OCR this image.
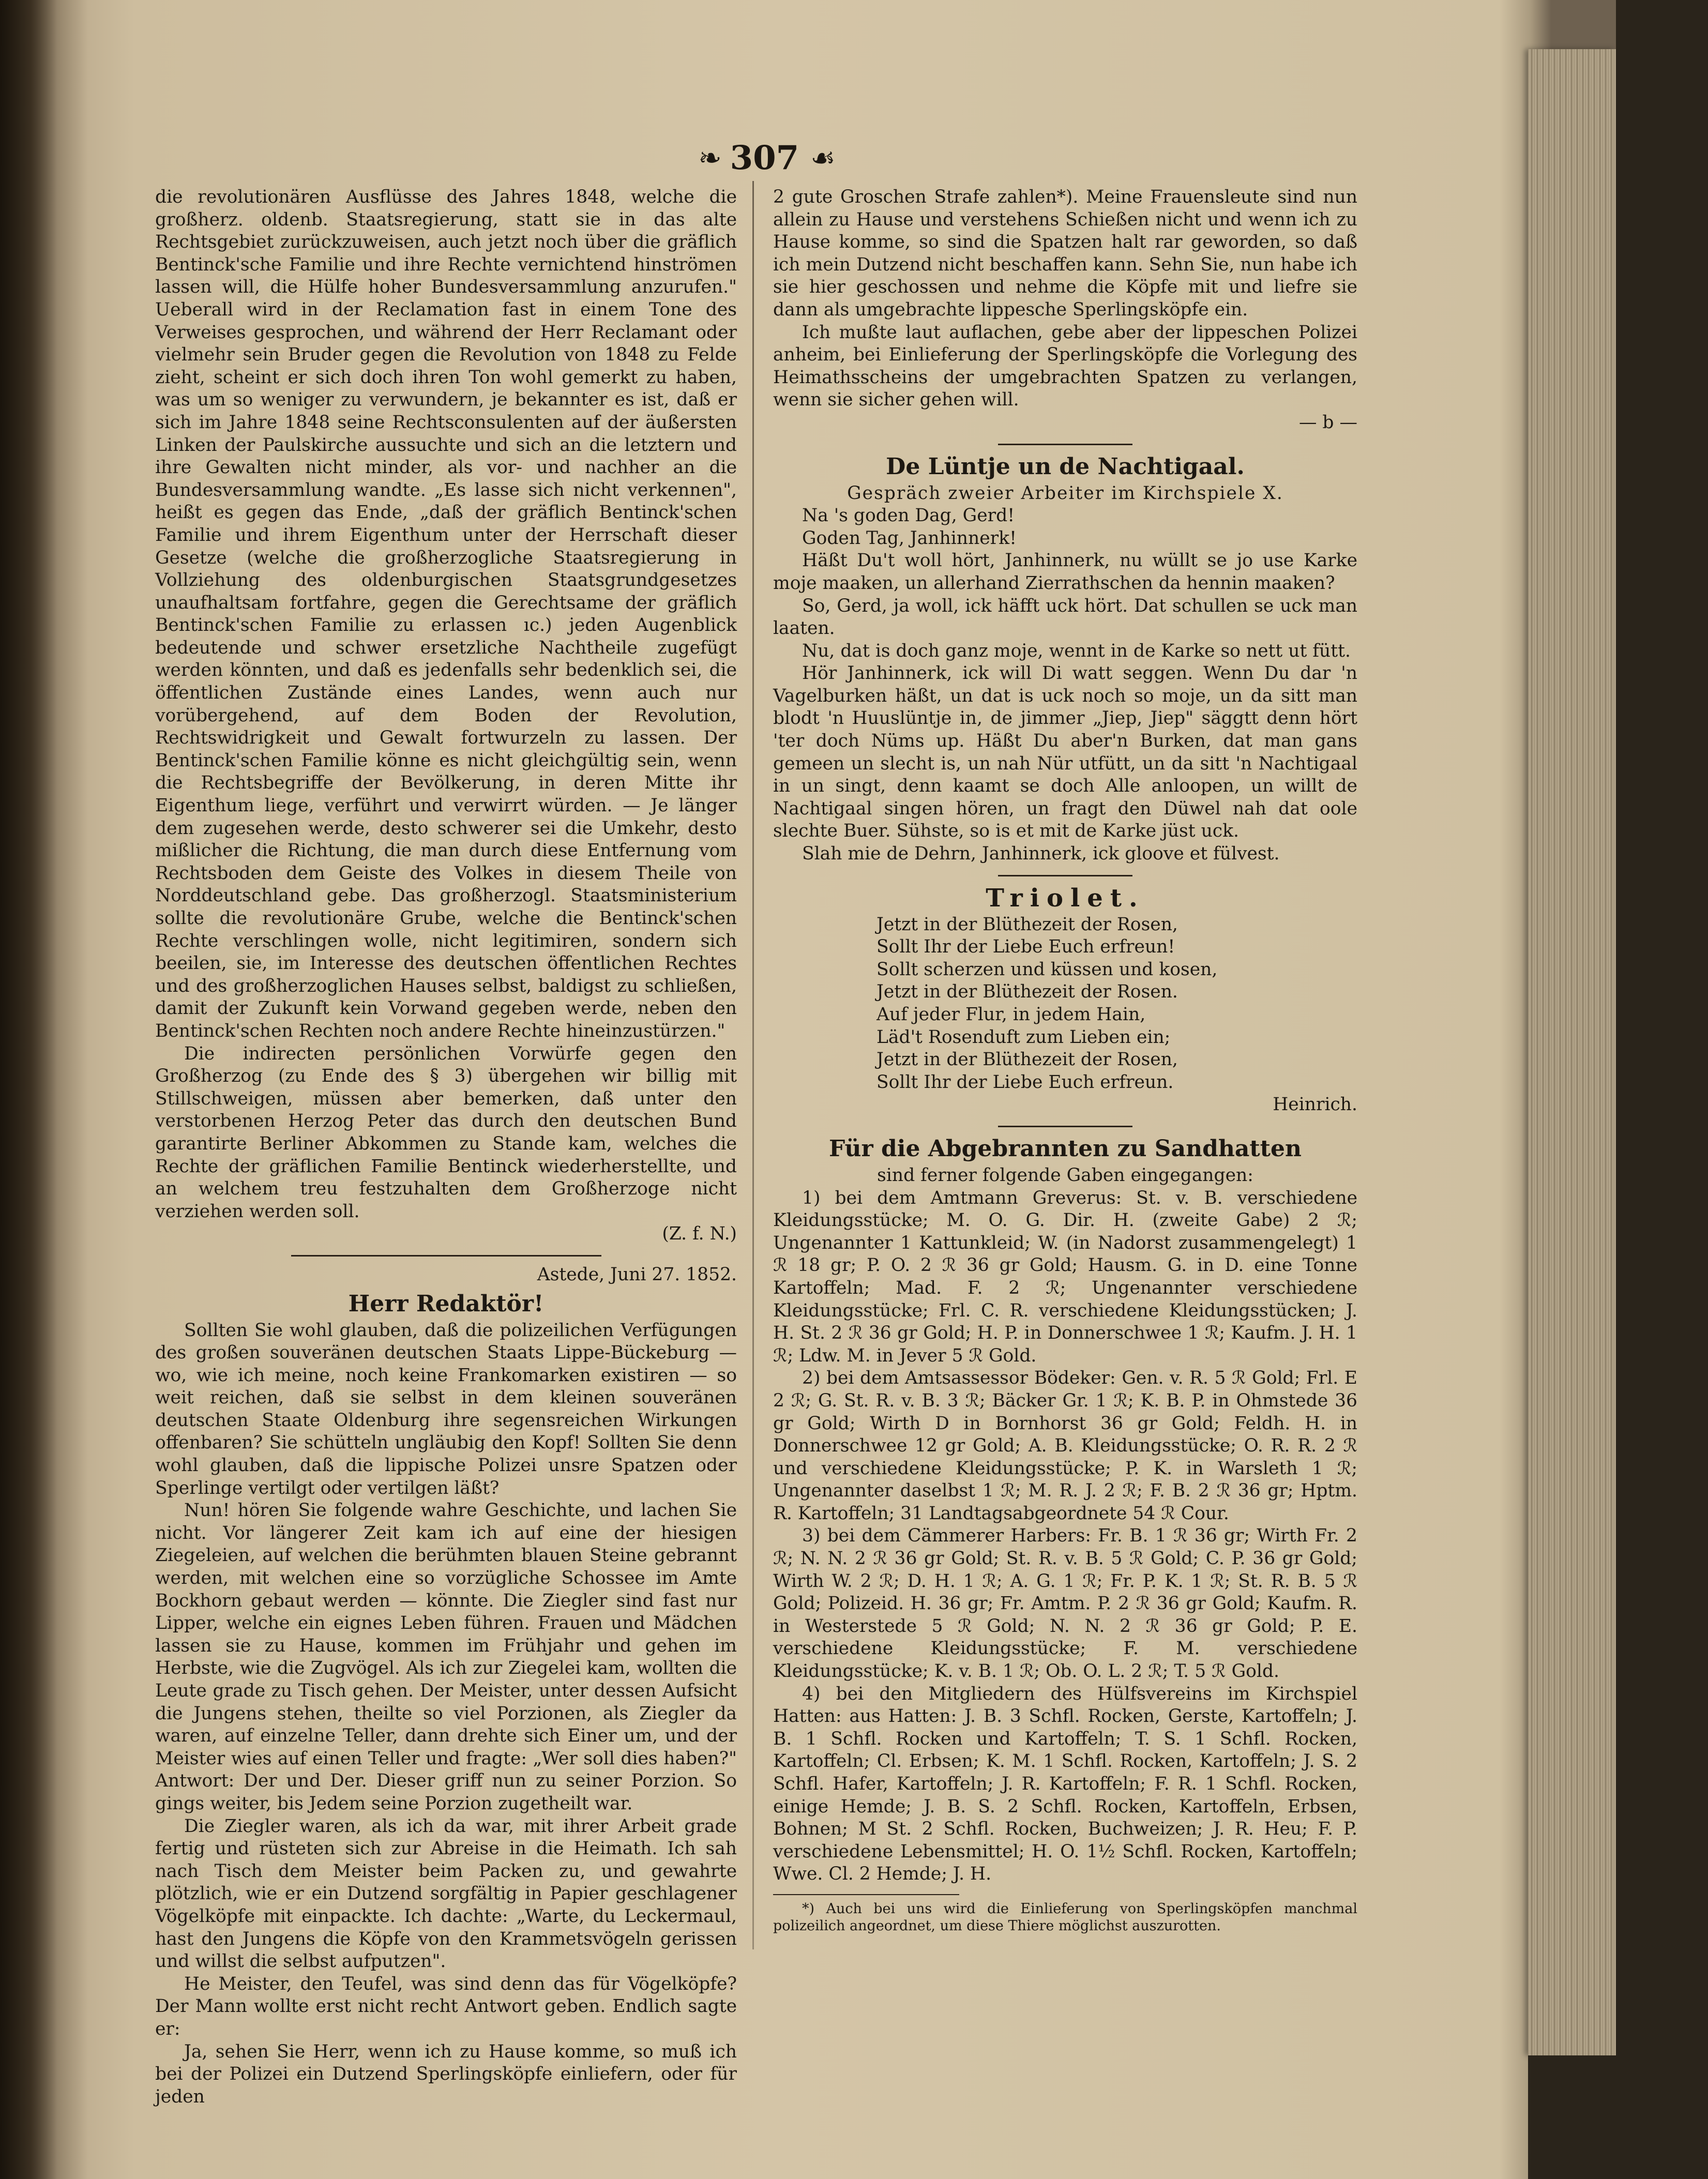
❧ 307 ☙

die revolutionären Ausflüsse des Jahres 1848, welche die großherz. oldenb. Staatsregierung, statt sie in das alte Rechtsgebiet zurückzuweisen, auch jetzt noch über die gräflich Bentinck'sche Familie und ihre Rechte vernichtend hinströmen lassen will, die Hülfe hoher Bundesversammlung anzurufen." Ueberall wird in der Reclamation fast in einem Tone des Verweises gesprochen, und während der Herr Reclamant oder vielmehr sein Bruder gegen die Revolution von 1848 zu Felde zieht, scheint er sich doch ihren Ton wohl gemerkt zu haben, was um so weniger zu verwundern, je bekannter es ist, daß er sich im Jahre 1848 seine Rechtsconsulenten auf der äußersten Linken der Paulskirche aussuchte und sich an die letztern und ihre Gewalten nicht minder, als vor- und nachher an die Bundesversammlung wandte. „Es lasse sich nicht verkennen", heißt es gegen das Ende, „daß der gräflich Bentinck'schen Familie und ihrem Eigenthum unter der Herrschaft dieser Gesetze (welche die großherzogliche Staatsregierung in Vollziehung des oldenburgischen Staatsgrundgesetzes unaufhaltsam fortfahre, gegen die Gerechtsame der gräflich Bentinck'schen Familie zu erlassen ıc.) jeden Augenblick bedeutende und schwer ersetzliche Nachtheile zugefügt werden könnten, und daß es jedenfalls sehr bedenklich sei, die öffentlichen Zustände eines Landes, wenn auch nur vorübergehend, auf dem Boden der Revolution, Rechtswidrigkeit und Gewalt fortwurzeln zu lassen. Der Bentinck'schen Familie könne es nicht gleichgültig sein, wenn die Rechtsbegriffe der Bevölkerung, in deren Mitte ihr Eigenthum liege, verführt und verwirrt würden. — Je länger dem zugesehen werde, desto schwerer sei die Umkehr, desto mißlicher die Richtung, die man durch diese Entfernung vom Rechtsboden dem Geiste des Volkes in diesem Theile von Norddeutschland gebe. Das großherzogl. Staatsministerium sollte die revolutionäre Grube, welche die Bentinck'schen Rechte verschlingen wolle, nicht legitimiren, sondern sich beeilen, sie, im Interesse des deutschen öffentlichen Rechtes und des großherzoglichen Hauses selbst, baldigst zu schließen, damit der Zukunft kein Vorwand gegeben werde, neben den Bentinck'schen Rechten noch andere Rechte hineinzustürzen."

Die indirecten persönlichen Vorwürfe gegen den Großherzog (zu Ende des § 3) übergehen wir billig mit Stillschweigen, müssen aber bemerken, daß unter den verstorbenen Herzog Peter das durch den deutschen Bund garantirte Berliner Abkommen zu Stande kam, welches die Rechte der gräflichen Familie Bentinck wiederherstellte, und an welchem treu festzuhalten dem Großherzoge nicht verziehen werden soll.

(Z. f. N.)

Astede, Juni 27. 1852.

Herr Redaktör!

Sollten Sie wohl glauben, daß die polizeilichen Verfügungen des großen souveränen deutschen Staats Lippe-Bückeburg — wo, wie ich meine, noch keine Frankomarken existiren — so weit reichen, daß sie selbst in dem kleinen souveränen deutschen Staate Oldenburg ihre segensreichen Wirkungen offenbaren? Sie schütteln ungläubig den Kopf! Sollten Sie denn wohl glauben, daß die lippische Polizei unsre Spatzen oder Sperlinge vertilgt oder vertilgen läßt?

Nun! hören Sie folgende wahre Geschichte, und lachen Sie nicht. Vor längerer Zeit kam ich auf eine der hiesigen Ziegeleien, auf welchen die berühmten blauen Steine gebrannt werden, mit welchen eine so vorzügliche Schossee im Amte Bockhorn gebaut werden — könnte. Die Ziegler sind fast nur Lipper, welche ein eignes Leben führen. Frauen und Mädchen lassen sie zu Hause, kommen im Frühjahr und gehen im Herbste, wie die Zugvögel. Als ich zur Ziegelei kam, wollten die Leute grade zu Tisch gehen. Der Meister, unter dessen Aufsicht die Jungens stehen, theilte so viel Porzionen, als Ziegler da waren, auf einzelne Teller, dann drehte sich Einer um, und der Meister wies auf einen Teller und fragte: „Wer soll dies haben?" Antwort: Der und Der. Dieser griff nun zu seiner Porzion. So gings weiter, bis Jedem seine Porzion zugetheilt war.

Die Ziegler waren, als ich da war, mit ihrer Arbeit grade fertig und rüsteten sich zur Abreise in die Heimath. Ich sah nach Tisch dem Meister beim Packen zu, und gewahrte plötzlich, wie er ein Dutzend sorgfältig in Papier geschlagener Vögelköpfe mit einpackte. Ich dachte: „Warte, du Leckermaul, hast den Jungens die Köpfe von den Krammetsvögeln gerissen und willst die selbst aufputzen".

He Meister, den Teufel, was sind denn das für Vögelköpfe? Der Mann wollte erst nicht recht Antwort geben. Endlich sagte er:

Ja, sehen Sie Herr, wenn ich zu Hause komme, so muß ich bei der Polizei ein Dutzend Sperlingsköpfe einliefern, oder für jeden

2 gute Groschen Strafe zahlen*). Meine Frauensleute sind nun allein zu Hause und verstehens Schießen nicht und wenn ich zu Hause komme, so sind die Spatzen halt rar geworden, so daß ich mein Dutzend nicht beschaffen kann. Sehn Sie, nun habe ich sie hier geschossen und nehme die Köpfe mit und liefre sie dann als umgebrachte lippesche Sperlingsköpfe ein.

Ich mußte laut auflachen, gebe aber der lippeschen Polizei anheim, bei Einlieferung der Sperlingsköpfe die Vorlegung des Heimathsscheins der umgebrachten Spatzen zu verlangen, wenn sie sicher gehen will.

— b —

De Lüntje un de Nachtigaal.

Gespräch zweier Arbeiter im Kirchspiele X.

Na 's goden Dag, Gerd!

Goden Tag, Janhinnerk!

Häßt Du't woll hört, Janhinnerk, nu wüllt se jo use Karke moje maaken, un allerhand Zierrathschen da hennin maaken?

So, Gerd, ja woll, ick häfft uck hört. Dat schullen se uck man laaten.

Nu, dat is doch ganz moje, wennt in de Karke so nett ut fütt.

Hör Janhinnerk, ick will Di watt seggen. Wenn Du dar 'n Vagelburken häßt, un dat is uck noch so moje, un da sitt man blodt 'n Huuslüntje in, de jimmer „Jiep, Jiep" säggtt denn hört 'ter doch Nüms up. Häßt Du aber'n Burken, dat man gans gemeen un slecht is, un nah Nür utfütt, un da sitt 'n Nachtigaal in un singt, denn kaamt se doch Alle anloopen, un willt de Nachtigaal singen hören, un fragt den Düwel nah dat oole slechte Buer. Sühste, so is et mit de Karke jüst uck.

Slah mie de Dehrn, Janhinnerk, ick gloove et fülvest.

Triolet.

Jetzt in der Blüthezeit der Rosen,

Sollt Ihr der Liebe Euch erfreun!

Sollt scherzen und küssen und kosen,

Jetzt in der Blüthezeit der Rosen.

Auf jeder Flur, in jedem Hain,

Läd't Rosenduft zum Lieben ein;

Jetzt in der Blüthezeit der Rosen,

Sollt Ihr der Liebe Euch erfreun.

Heinrich.

Für die Abgebrannten zu Sandhatten

sind ferner folgende Gaben eingegangen:

1) bei dem Amtmann Greverus: St. v. B. verschiedene Kleidungsstücke; M. O. G. Dir. H. (zweite Gabe) 2 ℛ; Ungenannter 1 Kattunkleid; W. (in Nadorst zusammengelegt) 1 ℛ 18 gr; P. O. 2 ℛ 36 gr Gold; Hausm. G. in D. eine Tonne Kartoffeln; Mad. F. 2 ℛ; Ungenannter verschiedene Kleidungsstücke; Frl. C. R. verschiedene Kleidungsstücken; J. H. St. 2 ℛ 36 gr Gold; H. P. in Donnerschwee 1 ℛ; Kaufm. J. H. 1 ℛ; Ldw. M. in Jever 5 ℛ Gold.

2) bei dem Amtsassessor Bödeker: Gen. v. R. 5 ℛ Gold; Frl. E 2 ℛ; G. St. R. v. B. 3 ℛ; Bäcker Gr. 1 ℛ; K. B. P. in Ohmstede 36 gr Gold; Wirth D in Bornhorst 36 gr Gold; Feldh. H. in Donnerschwee 12 gr Gold; A. B. Kleidungsstücke; O. R. R. 2 ℛ und verschiedene Kleidungsstücke; P. K. in Warsleth 1 ℛ; Ungenannter daselbst 1 ℛ; M. R. J. 2 ℛ; F. B. 2 ℛ 36 gr; Hptm. R. Kartoffeln; 31 Landtagsabgeordnete 54 ℛ Cour.

3) bei dem Cämmerer Harbers: Fr. B. 1 ℛ 36 gr; Wirth Fr. 2 ℛ; N. N. 2 ℛ 36 gr Gold; St. R. v. B. 5 ℛ Gold; C. P. 36 gr Gold; Wirth W. 2 ℛ; D. H. 1 ℛ; A. G. 1 ℛ; Fr. P. K. 1 ℛ; St. R. B. 5 ℛ Gold; Polizeid. H. 36 gr; Fr. Amtm. P. 2 ℛ 36 gr Gold; Kaufm. R. in Westerstede 5 ℛ Gold; N. N. 2 ℛ 36 gr Gold; P. E. verschiedene Kleidungsstücke; F. M. verschiedene Kleidungsstücke; K. v. B. 1 ℛ; Ob. O. L. 2 ℛ; T. 5 ℛ Gold.

4) bei den Mitgliedern des Hülfsvereins im Kirchspiel Hatten: aus Hatten: J. B. 3 Schfl. Rocken, Gerste, Kartoffeln; J. B. 1 Schfl. Rocken und Kartoffeln; T. S. 1 Schfl. Rocken, Kartoffeln; Cl. Erbsen; K. M. 1 Schfl. Rocken, Kartoffeln; J. S. 2 Schfl. Hafer, Kartoffeln; J. R. Kartoffeln; F. R. 1 Schfl. Rocken, einige Hemde; J. B. S. 2 Schfl. Rocken, Kartoffeln, Erbsen, Bohnen; M St. 2 Schfl. Rocken, Buchweizen; J. R. Heu; F. P. verschiedene Lebensmittel; H. O. 1½ Schfl. Rocken, Kartoffeln; Wwe. Cl. 2 Hemde; J. H.

*) Auch bei uns wird die Einlieferung von Sperlingsköpfen manchmal polizeilich angeordnet, um diese Thiere möglichst auszurotten.
